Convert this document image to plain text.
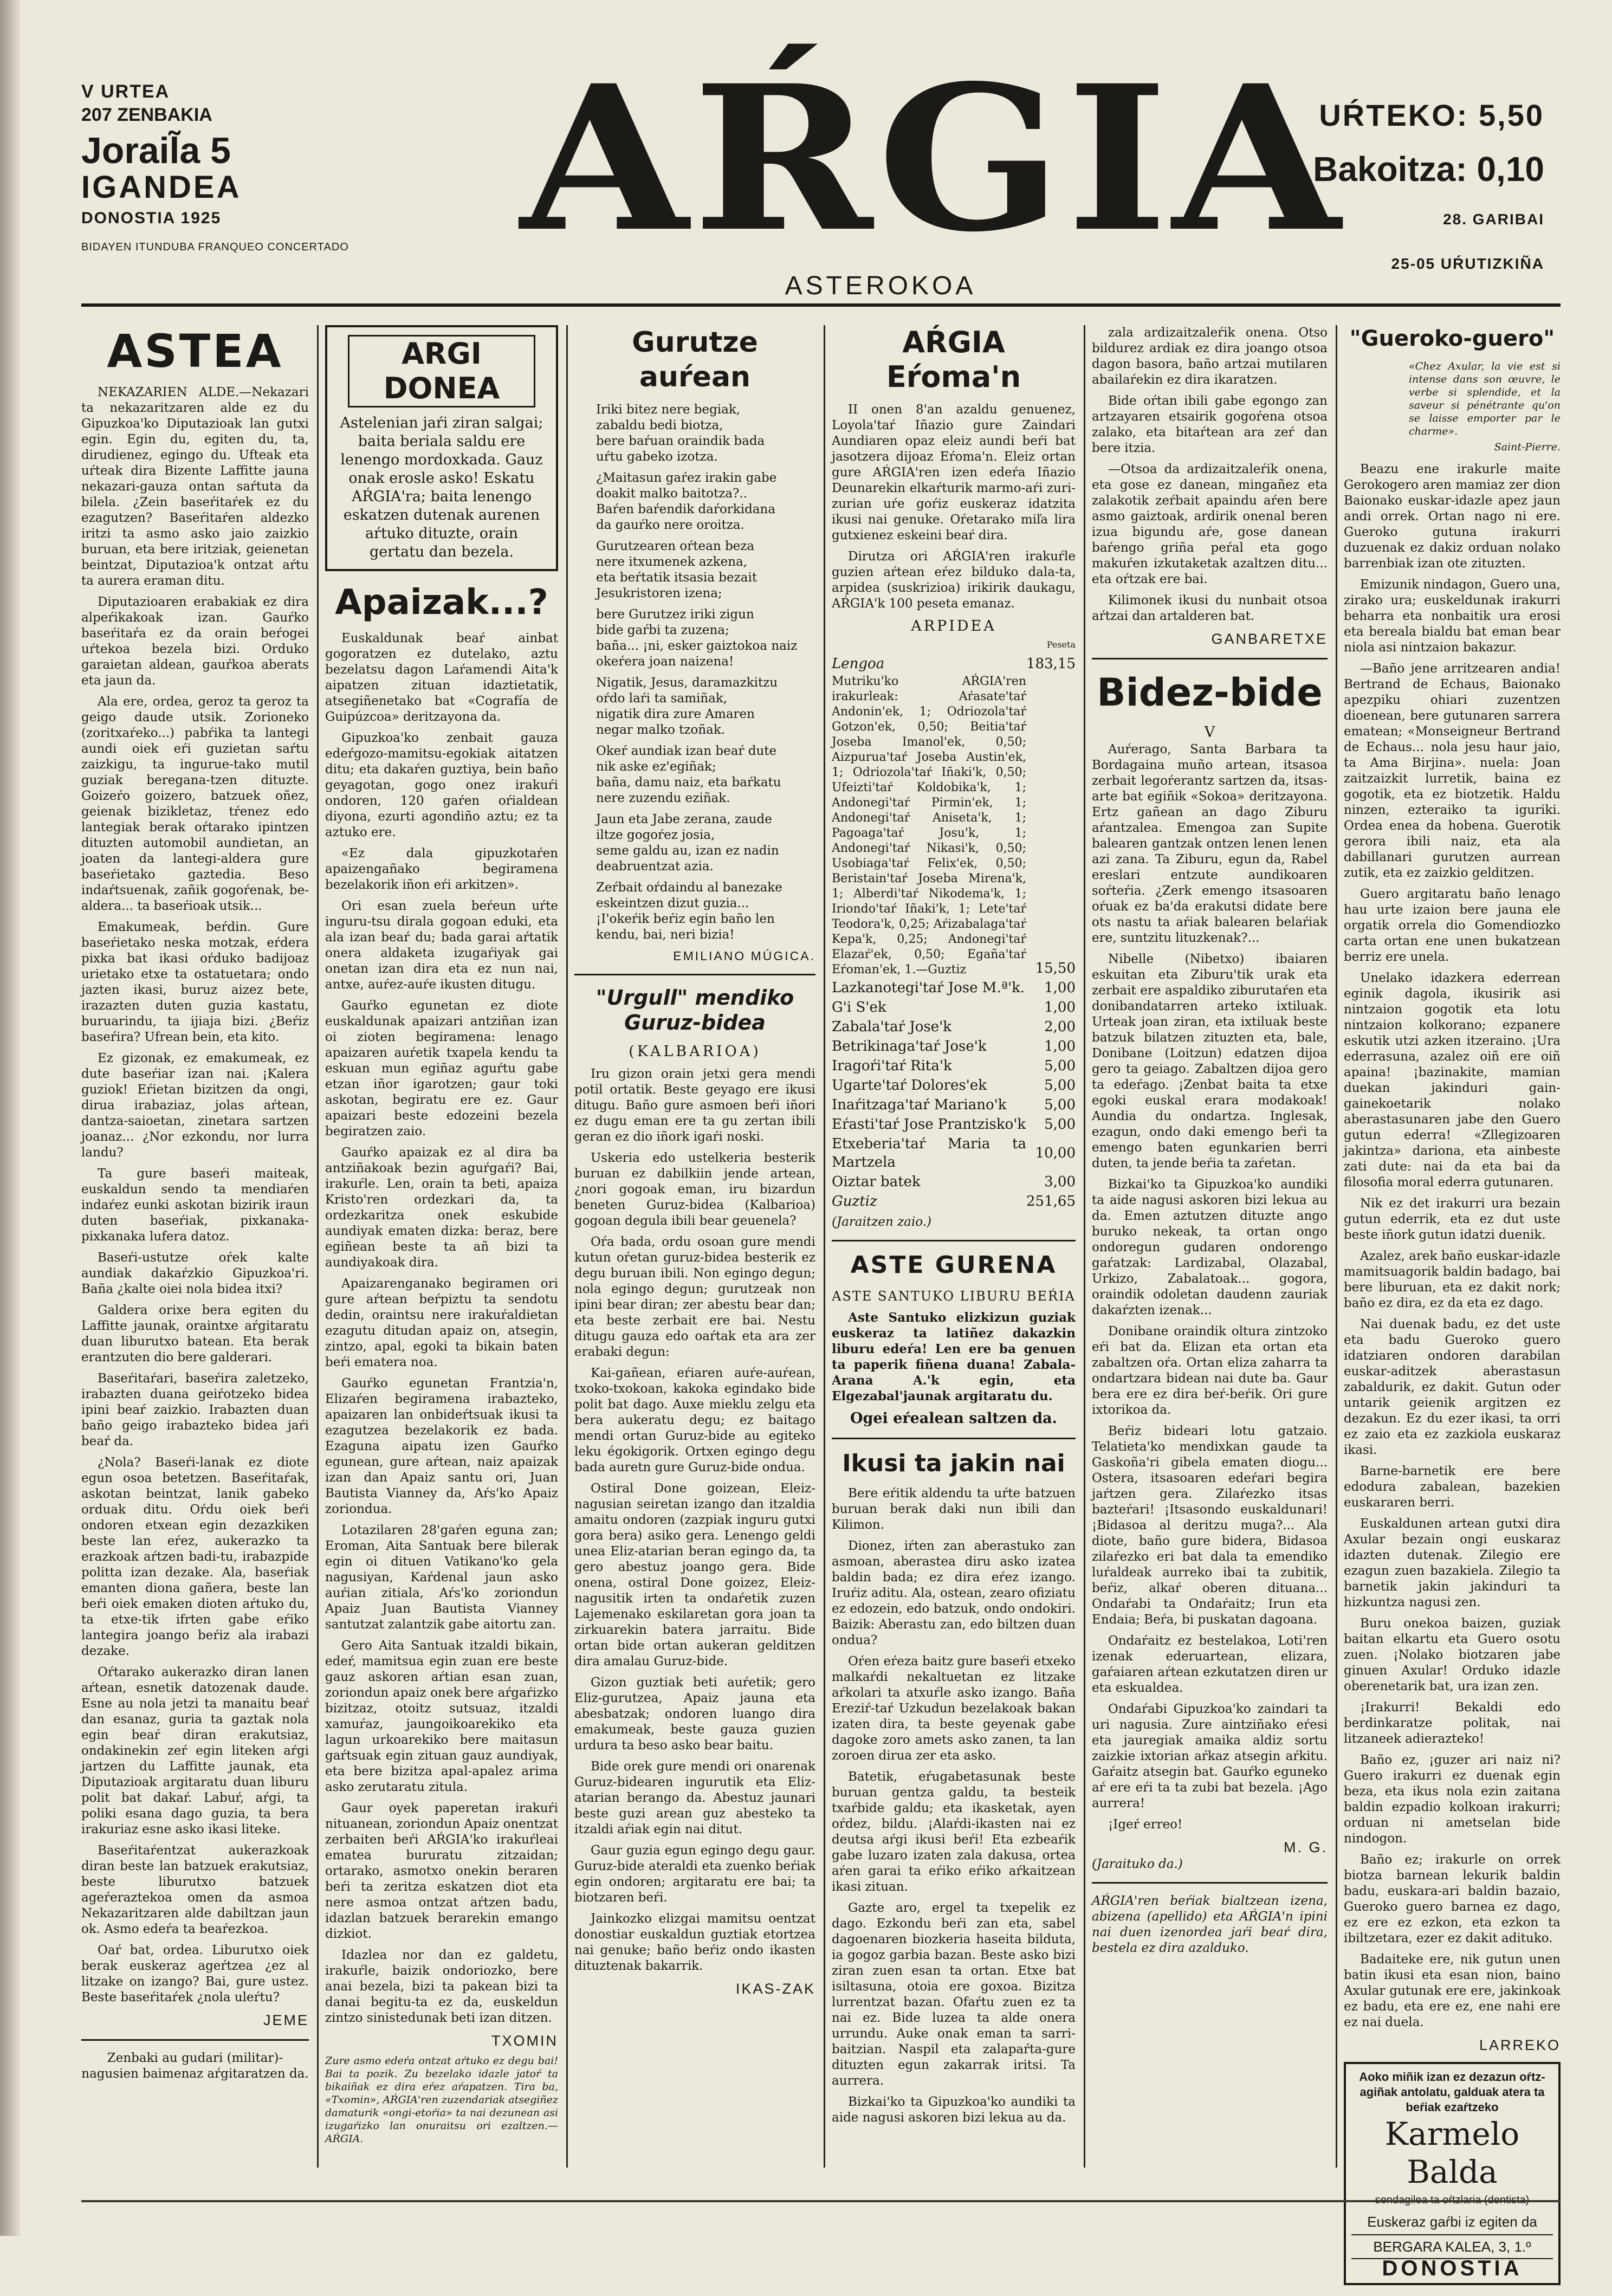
V URTEA
207 ZENBAKIA
Jorail̃a 5
IGANDEA
DONOSTIA 1925
BIDAYEN ITUNDUBA FRANQUEO CONCERTADO AŔGIA
ASTEROKOA
UŔTEKO: 5,50
Bakoitza: 0,10
28. GARIBAI
25-05 UŔUTIZKIÑA
ASTEA

NEKAZARIEN ALDE.—Nekazari ta nekazaritzaren alde ez du Gipuzkoa'ko Diputazioak lan gutxi egin. Egin du, egiten du, ta, dirudienez, egingo du. Ufteak eta uŕteak dira Bizente Laffitte jauna nekazari-gauza ontan saŕtuta da bilela. ¿Zein baseŕitaŕek ez du ezagutzen? Baseŕitaŕen aldezko iritzi ta asmo asko jaio zaizkio buruan, eta bere iritziak, geienetan beintzat, Diputazioa'k ontzat aŕtu ta aurera eraman ditu.

Diputazioaren erabakiak ez dira alpeŕikakoak izan. Gauŕko baseŕitaŕa ez da orain beŕogei uŕtekoa bezela bizi. Orduko garaietan aldean, gauŕkoa aberats eta jaun da.

Ala ere, ordea, geroz ta geroz ta geigo daude utsik. Zorioneko (zoritxaŕeko...) pabŕika ta lantegi aundi oiek eŕi guzietan saŕtu zaizkigu, ta ingurue-tako mutil guziak beregana-tzen dituzte. Goizeŕo goizero, batzuek oñez, geienak bizikletaz, tŕenez edo lantegiak berak oŕtarako ipintzen dituzten automobil aundietan, an joaten da lantegi-aldera gure baseŕietako gaztedia. Beso indaŕtsuenak, zañik gogoŕenak, be-aldera... ta baseŕioak utsik...

Emakumeak, beŕdin. Gure baseŕietako neska motzak, eŕdera pixka bat ikasi oŕduko badijoaz urietako etxe ta ostatuetara; ondo jazten ikasi, buruz aizez bete, irazazten duten guzia kastatu, buruarindu, ta ijiaja bizi. ¿Beŕiz baseŕira? Ufrean bein, eta kito.

Ez gizonak, ez emakumeak, ez dute baseŕiar izan nai. ¡Kalera guziok! Eŕietan bizitzen da ongi, dirua irabaziaz, jolas aŕtean, dantza-saioetan, zinetara sartzen joanaz... ¿Nor ezkondu, nor lurra landu?

Ta gure baseŕi maiteak, euskaldun sendo ta mendiaŕen indaŕez eunki askotan bizirik iraun duten baseŕiak, pixkanaka-pixkanaka lufera datoz.

Baseŕi-ustutze oŕek kalte aundiak dakaŕzkio Gipuzkoa'ri. Baña ¿kalte oiei nola bidea itxi?

Galdera orixe bera egiten du Laffitte jaunak, oraintxe aŕgitaratu duan liburutxo batean. Eta berak erantzuten dio bere galderari.

Baseŕitaŕari, baseŕira zaletzeko, irabazten duana geiŕotzeko bidea ipini beaŕ zaizkio. Irabazten duan baño geigo irabazteko bidea jaŕi beaŕ da.

¿Nola? Baseŕi-lanak ez diote egun osoa betetzen. Baseŕitaŕak, askotan beintzat, lanik gabeko orduak ditu. Oŕdu oiek beŕi ondoren etxean egin dezazkiken beste lan eŕez, aukerazko ta erazkoak aŕtzen badi-tu, irabazpide politta izan dezake. Ala, baseŕiak emanten diona gañera, beste lan beŕi oiek emaken dioten aŕtuko du, ta etxe-tik ifrten gabe eŕiko lantegira joango beŕiz ala irabazi dezake.

Oŕtarako aukerazko diran lanen aŕtean, esnetik datozenak daude. Esne au nola jetzi ta manaitu beaŕ dan esanaz, guria ta gaztak nola egin beaŕ diran erakutsiaz, ondakinekin zeŕ egin liteken aŕgi jartzen du Laffitte jaunak, eta Diputazioak argitaratu duan liburu polit bat dakaŕ. Labuŕ, aŕgi, ta poliki esana dago guzia, ta bera irakuriaz esne asko ikasi liteke.

Baseŕitaŕentzat aukerazkoak diran beste lan batzuek erakutsiaz, beste liburutxo batzuek ageŕeraztekoa omen da asmoa Nekazaritzaren alde dabiltzan jaun ok. Asmo edeŕa ta beaŕezkoa.

Oaŕ bat, ordea. Liburutxo oiek berak euskeraz ageŕtzea ¿ez al litzake on izango? Bai, gure ustez. Beste baseŕitaŕek ¿nola uleŕtu?

JEME
Zenbaki au gudari (militar)-nagusien baimenaz aŕgitaratzen da.
ARGI DONEA
Astelenian jaŕi ziran salgai; baita beriala saldu ere lenengo mordoxkada. Gauz onak erosle asko! Eskatu AŔGIA'ra; baita lenengo eskatzen dutenak aurenen aŕtuko dituzte, orain gertatu dan bezela.
Apaizak...?

Euskaldunak beaŕ ainbat gogoratzen ez dutelako, aztu bezelatsu dagon Laŕamendi Aita'k aipatzen zituan idaztietatik, atsegiñenetako bat «Cografía de Guipúzcoa» deritzayona da.

Gipuzkoa'ko zenbait gauza edeŕgozo-mamitsu-egokiak aitatzen ditu; eta dakaŕen guztiya, bein baño geyagotan, gogo onez irakuŕi ondoren, 120 gaŕen oŕialdean diyona, ezurti agondiño aztu; ez ta aztuko ere.

«Ez dala gipuzkotaŕen apaizengañako begiramena bezelakorik iñon eŕi arkitzen».

Ori esan zuela beŕeun uŕte inguru-tsu dirala gogoan eduki, eta ala izan beaŕ du; bada garai aŕtatik onera aldaketa izugaŕiyak gai onetan izan dira eta ez nun nai, antxe, auŕez-auŕe ikusten ditugu.

Gauŕko egunetan ez diote euskaldunak apaizari antziñan izan oi zioten begiramena: lenago apaizaren auŕetik txapela kendu ta eskuan mun egiñaz aguŕtu gabe etzan iñor igarotzen; gaur toki askotan, begiratu ere ez. Gaur apaizari beste edozeini bezela begiratzen zaio.

Gauŕko apaizak ez al dira ba antziñakoak bezin aguŕgaŕi? Bai, irakuŕle. Len, orain ta beti, apaiza Kristo'ren ordezkari da, ta ordezkaritza onek eskubide aundiyak ematen dizka: beraz, bere egiñean beste ta añ bizi ta aundiyakoak dira.

Apaizarenganako begiramen ori gure aŕtean beŕpiztu ta sendotu dedin, oraintsu nere irakuŕaldietan ezagutu ditudan apaiz on, atsegin, zintzo, apal, egoki ta bikain baten beŕi ematera noa.

Gauŕko egunetan Frantzia'n, Elizaŕen begiramena irabazteko, apaizaren lan onbideŕtsuak ikusi ta ezagutzea bezelakorik ez bada. Ezaguna aipatu izen Gauŕko egunean, gure aŕtean, naiz apaizak izan dan Apaiz santu ori, Juan Bautista Vianney da, Aŕs'ko Apaiz zoriondua.

Lotazilaren 28'gaŕen eguna zan; Eroman, Aita Santuak bere bilerak egin oi dituen Vatikano'ko gela nagusiyan, Kaŕdenal jaun asko auŕian zitiala, Aŕs'ko zoriondun Apaiz Juan Bautista Vianney santutzat zalantzik gabe aitortu zan.

Gero Aita Santuak itzaldi bikain, edeŕ, mamitsua egin zuan ere beste gauz askoren aŕtian esan zuan, zoriondun apaiz onek bere aŕgaŕizko bizitzaz, otoitz sutsuaz, itzaldi xamuŕaz, jaungoikoarekiko eta lagun urkoarekiko bere maitasun gaŕtsuak egin zituan gauz aundiyak, eta bere bizitza apal-apalez arima asko zerutaratu zitula.

Gaur oyek paperetan irakuŕi nituanean, zoriondun Apaiz onentzat zerbaiten beŕi AŔGIA'ko irakuŕleai ematea bururatu zitzaidan; ortarako, asmotxo onekin beraren beŕi ta zeritza eskatzen diot eta nere asmoa ontzat aŕtzen badu, idazlan batzuek berarekin emango dizkiot.

Idazlea nor dan ez galdetu, irakuŕle, baizik ondoriozko, bere anai bezela, bizi ta pakean bizi ta danai begitu-ta ez da, euskeldun zintzo sinistedunak beti izan ditzen.

TXOMIN
Zure asmo edeŕa ontzat aŕtuko ez degu bai! Bai ta pozik. Zu bezelako idazle jatoŕ ta bikaiñak ez dira eŕez aŕapatzen. Tira ba, «Txomin», AŔGIA'ren zuzendariak atsegiñez damaturik «ongi-etoŕia» ta nai dezunean asi izugaŕizko lan onuraitsu ori ezaltzen.—AŔGIA.
Gurutze auŕean
Iriki bitez nere begiak,
zabaldu bedi biotza,
bere baŕuan oraindik bada
uŕtu gabeko izotza.
¿Maitasun gaŕez irakin gabe
doakit malko baitotza?..
Baŕen baŕendik daŕorkidana
da gauŕko nere oroitza.
Gurutzearen oŕtean beza
nere itxumenek azkena,
eta beŕtatik itsasia bezait
Jesukristoren izena;
bere Gurutzez iriki zigun
bide gaŕbi ta zuzena;
baña... ¡ni, esker gaiztokoa naiz
okeŕera joan naizena!
Nigatik, Jesus, daramazkitzu
oŕdo laŕi ta samiñak,
nigatik dira zure Amaren
negar malko tzoñak.
Okeŕ aundiak izan beaŕ dute
nik aske ez'egiñak;
baña, damu naiz, eta baŕkatu
nere zuzendu eziñak.
Jaun eta Jabe zerana, zaude
iltze gogoŕez josia,
seme galdu au, izan ez nadin
deabruentzat azia.
Zeŕbait oŕdaindu al banezake
eskeintzen dizut guzia...
¡I'okeŕik beŕiz egin baño len
kendu, bai, neri bizia!
EMILIANO MÚGICA.
"Urgull" mendiko Guruz-bidea
(KALBARIOA)

Iru gizon orain jetxi gera mendi potil ortatik. Beste geyago ere ikusi ditugu. Baño gure asmoen beŕi iñori ez dugu eman ere ta gu zertan ibili geran ez dio iñork igaŕi noski.

Uskeria edo ustelkeria besterik buruan ez dabilkiin jende artean, ¿nori gogoak eman, iru bizardun beneten Guruz-bidea (Kalbarioa) gogoan degula ibili bear geuenela?

Oŕa bada, ordu osoan gure mendi kutun oŕetan guruz-bidea besterik ez degu buruan ibili. Non egingo degun; nola egingo degun; gurutzeak non ipini bear diran; zer abestu bear dan; eta beste zerbait ere bai. Nestu ditugu gauza edo oaŕtak eta ara zer erabaki degun:

Kai-gañean, eŕiaren auŕe-auŕean, txoko-txokoan, kakoka egindako bide polit bat dago. Auxe mieklu zelgu eta bera aukeratu degu; ez baitago mendi ortan Guruz-bide au egiteko leku égokigorik. Ortxen egingo degu bada auretn gure Guruz-bide ondua.

Ostiral Done goizean, Eleiz-nagusian seiretan izango dan itzaldia amaitu ondoren (zazpiak inguru gutxi gora bera) asiko gera. Lenengo geldi unea Eliz-atarian beran egingo da, ta gero abestuz joango gera. Bide onena, ostiral Done goizez, Eleiz-nagusitik irten ta ondaŕetik zuzen Lajemenako eskilaretan gora joan ta zirkuarekin batera jarraitu. Bide ortan bide ortan aukeran gelditzen dira amalau Guruz-bide.

Gizon guztiak beti auŕetik; gero Eliz-gurutzea, Apaiz jauna eta abesbatzak; ondoren luango dira emakumeak, beste gauza guzien urdura ta beso asko bear baitu.

Bide orek gure mendi ori onarenak Guruz-bidearen ingurutik eta Eliz-atarian berango da. Abestuz jaunari beste guzi arean guz abesteko ta itzaldi aŕiak egin nai ditut.

Gaur guzia egun egingo degu gaur. Guruz-bide ateraldi eta zuenko beŕiak egin ondoren; argitaratu ere bai; ta biotzaren beŕi.

Jainkozko elizgai mamitsu oentzat donostiar euskaldun guztiak etortzea nai genuke; baño beŕiz ondo ikasten dituztenak bakarrik.

IKAS-ZAK
AŔGIA Eŕoma'n

II onen 8'an azaldu genuenez, Loyola'taŕ Iñazio gure Zaindari Aundiaren opaz eleiz aundi beŕi bat jasotzera dijoaz Eŕoma'n. Eleiz ortan gure AŔGIA'ren izen edeŕa Iñazio Deunarekin elkaŕturik marmo-aŕi zuri-zurian uŕe goŕiz euskeraz idatzita ikusi nai genuke. Oŕetarako miľa lira gutxienez eskeini beaŕ dira.

Dirutza ori AŔGIA'ren irakuŕle guzien aŕtean eŕez bilduko dala-ta, arpidea (suskrizioa) irikirik daukagu, AŔGIA'k 100 peseta emanaz.

ARPIDEA
Peseta
Lengoa	183,15
Mutriku'ko AŔGIA'ren irakurleak: Aŕasate'taŕ Andonin'ek, 1; Odriozola'taŕ Gotzon'ek, 0,50; Beitia'taŕ Joseba Imanol'ek, 0,50; Aizpurua'taŕ Joseba Austin'ek, 1; Odriozola'taŕ Iñaki'k, 0,50; Ufeizti'taŕ Koldobika'k, 1; Andonegi'taŕ Pirmin'ek, 1; Andonegi'taŕ Aniseta'k, 1; Pagoaga'taŕ Josu'k, 1; Andonegi'taŕ Nikasi'k, 0,50; Usobiaga'taŕ Felix'ek, 0,50; Beristain'taŕ Joseba Mirena'k, 1; Alberdi'taŕ Nikodema'k, 1; Iriondo'taŕ Iñaki'k, 1; Lete'taŕ Teodora'k, 0,25; Aŕizabalaga'taŕ Kepa'k, 0,25; Andonegi'taŕ Elazaŕ'ek, 0,50; Egaña'taŕ Eŕoman'ek, 1.—Guztiz	15,50
Lazkanotegi'taŕ Jose M.ª'k.	1,00
G'i S'ek	1,00
Zabala'taŕ Jose'k	2,00
Betrikinaga'taŕ Jose'k	1,00
Iragoŕi'taŕ Rita'k	5,00
Ugarte'taŕ Dolores'ek	5,00
Inaŕitzaga'taŕ Mariano'k	5,00
Eŕasti'taŕ Jose Prantzisko'k	5,00
Etxeberia'taŕ Maria ta Martzela	10,00
Oiztar batek	3,00
Guztiz	251,65
(Jaraitzen zaio.)
ASTE GURENA
ASTE SANTUKO LIBURU BEŔIA

Aste Santuko elizkizun guziak euskeraz ta latiñez dakazkin liburu edeŕa! Len ere ba genuen ta paperik fiñena duana! Zabala-Arana A.'k egin, eta Elgezabal'jaunak argitaratu du.

Ogei eŕealean saltzen da.
Ikusi ta jakin nai

Bere eŕitik aldendu ta uŕte batzuen buruan berak daki nun ibili dan Kilimon.

Dionez, iŕten zan aberastuko zan asmoan, aberastea diru asko izatea baldin bada; ez dira eŕez izango. Iruŕiz aditu. Ala, ostean, zearo ofiziatu ez edozein, edo batzuk, ondo ondokiri. Baizik: Aberastu zan, edo biltzen duan ondua?

Oŕen eŕeza baitz gure baseŕi etxeko malkaŕdi nekaltuetan ez litzake aŕkolari ta atxuŕle asko izango. Baña Ereziŕ-taŕ Uzkudun bezelakoak bakan izaten dira, ta beste geyenak gabe dagoke zoro amets asko zanen, ta lan zoroen dirua zer eta asko.

Batetik, eŕugabetasunak beste buruan gentza galdu, ta besteik txaŕbide galdu; eta ikasketak, ayen oŕdez, bildu. ¡Alaŕdi-ikasten nai ez deutsa aŕgi ikusi beŕi! Eta ezbeaŕik gabe luzaro izaten zala dakusa, ortea aŕen garai ta eŕiko eŕiko aŕkaitzean ikasi zituan.

Gazte aro, ergel ta txepelik ez dago. Ezkondu beŕi zan eta, sabel dagoenaren biozkeria haseita bilduta, ia gogoz garbia bazan. Beste asko bizi ziran zuen esan ta ortan. Etxe bat isiltasuna, otoia ere goxoa. Bizitza lurrentzat bazan. Ofaŕtu zuen ez ta nai ez. Bide luzea ta alde onera urrundu. Auke onak eman ta sarri-baitzian. Naspil eta zalapaŕta-gure dituzten egun zakarrak iritsi. Ta aurrera.

Bizkai'ko ta Gipuzkoa'ko aundiki ta aide nagusi askoren bizi lekua au da.

zala ardizaitzaleŕik onena. Otso bildurez ardiak ez dira joango otsoa dagon basora, baño artzai mutilaren abailaŕekin ez dira ikaratzen.

Bide oŕtan ibili gabe egongo zan artzayaren etsairik gogoŕena otsoa zalako, eta bitaŕtean ara zeŕ dan bere itzia.

—Otsoa da ardizaitzaleŕik onena, eta gose ez danean, mingañez eta zalakotik zeŕbait apaindu aŕen bere asmo gaiztoak, ardirik onenal beren izua bigundu aŕe, gose danean baŕengo griña peŕal eta gogo makuŕen izkutaketak azaltzen ditu... eta oŕtzak ere bai.

Kilimonek ikusi du nunbait otsoa aŕtzai dan artalderen bat.

GANBARETXE
Bidez-bide
V

Auŕerago, Santa Barbara ta Bordagaina muño artean, itsasoa zerbait legoŕerantz sartzen da, itsas-arte bat egiñik «Sokoa» deritzayona. Ertz gañean an dago Ziburu aŕantzalea. Emengoa zan Supite balearen gantzak ontzen lenen lenen azi zana. Ta Ziburu, egun da, Rabel ereslari entzute aundikoaren soŕteŕia. ¿Zerk emengo itsasoaren oŕuak ez ba'da erakutsi didate bere ots nastu ta aŕiak balearen belaŕiak ere, suntzitu lituzkenak?...

Nibelle (Nibetxo) ibaiaren eskuitan eta Ziburu'tik urak eta zerbait ere aspaldiko ziburutaŕen eta donibandatarren arteko ixtiluak. Urteak joan ziran, eta ixtiluak beste batzuk bilatzen zituzten eta, bale, Donibane (Loitzun) edatzen dijoa gero ta geiago. Zabaltzen dijoa gero ta edeŕago. ¡Zenbat baita ta etxe egoki euskal erara modakoak! Aundia du ondartza. Inglesak, ezagun, ondo daki emengo beŕi ta emengo baten egunkarien berri duten, ta jende beŕia ta zaŕetan.

Bizkai'ko ta Gipuzkoa'ko aundiki ta aide nagusi askoren bizi lekua au da. Emen aztutzen dituzte ango buruko nekeak, ta ortan ongo ondoregun gudaren ondorengo gaŕatzak: Lardizabal, Olazabal, Urkizo, Zabalatoak... gogora, oraindik odoletan daudenn zauriak dakaŕzten izenak...

Donibane oraindik oltura zintzoko eŕi bat da. Elizan eta ortan eta zabaltzen oŕa. Ortan eliza zaharra ta ondartzara bidean nai dute ba. Gaur bera ere ez dira beŕ-beŕik. Ori gure ixtorikoa da.

Beŕiz bideari lotu gatzaio. Telatieta'ko mendixkan gaude ta Gaskoña'ri gibela ematen diogu... Ostera, itsasoaren edeŕari begira jaŕtzen gera. Zilaŕezko itsas bazteŕari! ¡Itsasondo euskaldunari! ¡Bidasoa al deritzu muga?... Ala diote, baño gure bidera, Bidasoa zilaŕezko eri bat dala ta emendiko luŕaldeak aurreko ibai ta zubitik, beŕiz, alkaŕ oberen dituana... Ondaŕabi ta Ondaŕaitz; Irun eta Endaia; Beŕa, bi puskatan dagoana.

Ondaŕaitz ez bestelakoa, Loti'ren izenak ederuartean, elizara, gaŕaiaren aŕtean ezkutatzen diren ur eta eskualdea.

Ondaŕabi Gipuzkoa'ko zaindari ta uri nagusia. Zure aintziñako eŕesi eta jauregiak amaika aldiz sortu zaizkie ixtorian aŕkaz atsegin aŕkitu. Gaŕaitz atsegin bat. Gauŕko eguneko aŕ ere eŕi ta ta zubi bat bezela. ¡Ago aurrera!

¡Igeŕ erreo!

M. G.
(Jaraituko da.)
AŔGIA'ren beŕiak bialtzean izena, abizena (apellido) eta AŔGIA'n ipini nai duen izenordea jaŕi beaŕ dira, bestela ez dira azalduko.
"Gueroko-guero"
«Chez Axular, la vie est si intense dans son œuvre, le verbe si splendide, et la saveur si pénétrante qu'on se laisse emporter par le charme».
Saint-Pierre.

Beazu ene irakurle maite Gerokogero aren mamiaz zer dion Baionako euskar-idazle apez jaun andi orrek. Ortan nago ni ere. Gueroko gutuna irakurri duzuenak ez dakiz orduan nolako barrenbiak izan ote zituzten.

Emizunik nindagon, Guero una, zirako ura; euskeldunak irakurri beharra eta nonbaitik ura erosi eta bereala bialdu bat eman bear niola asi nintzaion bakazur.

—Baño jene arritzearen andia! Bertrand de Echaus, Baionako apezpiku ohiari zuzentzen dioenean, bere gutunaren sarrera ematean; «Monseigneur Bertrand de Echaus... nola jesu haur jaio, ta Ama Birjina». nuela: Joan zaitzaizkit lurretik, baina ez gogotik, eta ez biotzetik. Haldu ninzen, ezteraiko ta iguriki. Ordea enea da hobena. Guerotik gerora ibili naiz, eta ala dabillanari gurutzen aurrean zutik, eta ez zaizkio gelditzen.

Guero argitaratu baño lenago hau urte izaion bere jauna ele orgatik orrela dio Gomendiozko carta ortan ene unen bukatzean berriz ere unela.

Unelako idazkera ederrean eginik dagola, ikusirik asi nintzaion gogotik eta lotu nintzaion kolkorano; ezpanere eskutik utzi azken itzeraino. ¡Ura ederrasuna, azalez oiñ ere oiñ apaina! ¡bazinakite, mamian duekan jakinduri gain-gainekoetarik nolako aberastasunaren jabe den Guero gutun ederra! «Zllegizoaren jakintza» dariona, eta ainbeste zati dute: nai da eta bai da filosofia moral ederra gutunaren.

Nik ez det irakurri ura bezain gutun ederrik, eta ez dut uste beste iñork gutun idatzi duenik.

Azalez, arek baño euskar-idazle mamitsuagorik baldin badago, bai bere liburuan, eta ez dakit nork; baño ez dira, ez da eta ez dago.

Nai duenak badu, ez det uste eta badu Gueroko guero idatziaren ondoren darabilan euskar-aditzek aberastasun zabaldurik, ez dakit. Gutun oder untarik geienik argitzen ez dezakun. Ez du ezer ikasi, ta orri ez zaio eta ez zazkiola euskaraz ikasi.

Barne-barnetik ere bere edodura zabalean, bazekien euskararen berri.

Euskaldunen artean gutxi dira Axular bezain ongi euskaraz idazten dutenak. Zilegio ere ezagun zuen bazakiela. Zilegio ta barnetik jakin jakinduri ta hizkuntza nagusi zen.

Buru onekoa baizen, guziak baitan elkartu eta Guero osotu zuen. ¡Nolako biotzaren jabe ginuen Axular! Orduko idazle oberenetarik bat, ura izan zen.

¡Irakurri! Bekaldi edo berdinkaratze politak, nai litzaneek adierazteko!

Baño ez, ¡guzer ari naiz ni? Guero irakurri ez duenak egin beza, eta ikus nola ezin zaitana baldin ezpadio kolkoan irakurri; orduan ni ametselan bide nindogon.

Baño ez; irakurle on orrek biotza barnean lekurik baldin badu, euskara-ari baldin bazaio, Gueroko guero barnea ez dago, ez ere ez ezkon, eta ezkon ta ibiltzetara, ezer ez dakit adituko.

Badaiteke ere, nik gutun unen batin ikusi eta esan nion, baino Axular gutunak ere ere, jakinkoak ez badu, eta ere ez, ene nahi ere ez nai duela.

LARREKO
Aoko miñik izan ez dezazun oŕtz-agiñak antolatu, galduak atera ta beŕiak ezaŕtzeko
Karmelo Balda
Euskeraz gaŕbi iz egiten da
BERGARA KALEA, 3, 1.º
DONOSTIA
